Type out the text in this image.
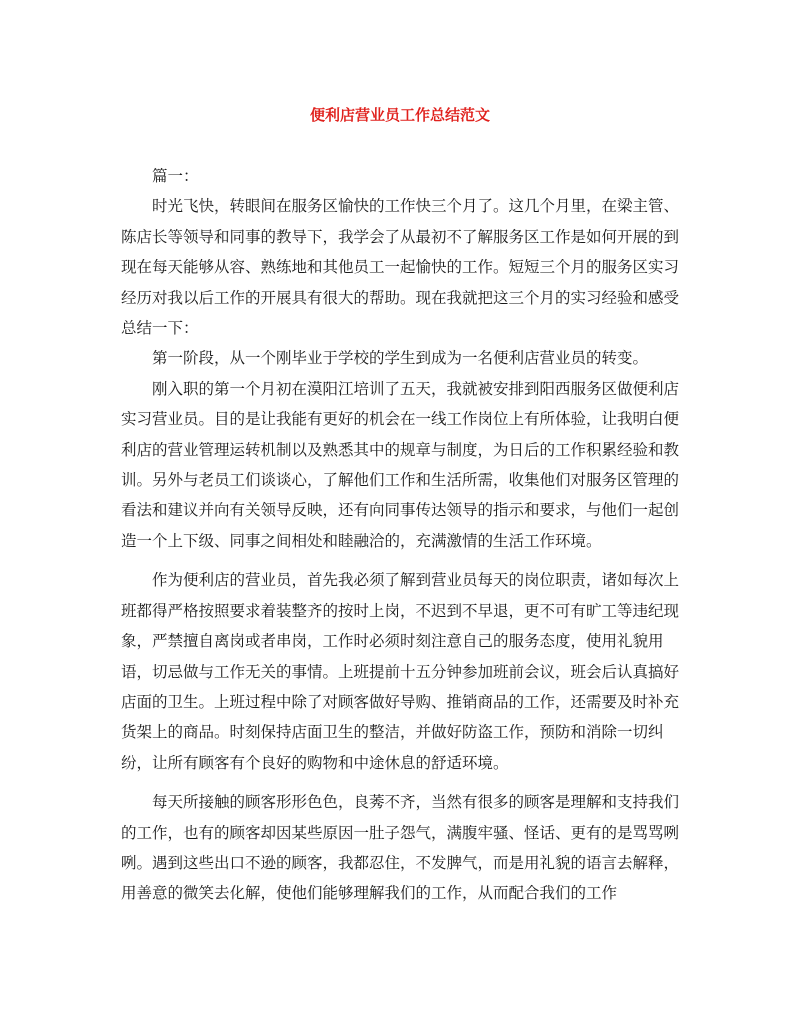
便利店营业员工作总结范文

篇一：

时光飞快，转眼间在服务区愉快的工作快三个月了。这几个月里，在梁主管、陈店长等领导和同事的教导下，我学会了从最初不了解服务区工作是如何开展的到现在每天能够从容、熟练地和其他员工一起愉快的工作。短短三个月的服务区实习经历对我以后工作的开展具有很大的帮助。现在我就把这三个月的实习经验和感受总结一下：

第一阶段，从一个刚毕业于学校的学生到成为一名便利店营业员的转变。

刚入职的第一个月初在漠阳江培训了五天，我就被安排到阳西服务区做便利店实习营业员。目的是让我能有更好的机会在一线工作岗位上有所体验，让我明白便利店的营业管理运转机制以及熟悉其中的规章与制度，为日后的工作积累经验和教训。另外与老员工们谈谈心，了解他们工作和生活所需，收集他们对服务区管理的看法和建议并向有关领导反映，还有向同事传达领导的指示和要求，与他们一起创造一个上下级、同事之间相处和睦融洽的，充满激情的生活工作环境。

作为便利店的营业员，首先我必须了解到营业员每天的岗位职责，诸如每次上班都得严格按照要求着装整齐的按时上岗，不迟到不早退，更不可有旷工等违纪现象，严禁擅自离岗或者串岗，工作时必须时刻注意自己的服务态度，使用礼貌用语，切忌做与工作无关的事情。上班提前十五分钟参加班前会议，班会后认真搞好店面的卫生。上班过程中除了对顾客做好导购、推销商品的工作，还需要及时补充货架上的商品。时刻保持店面卫生的整洁，并做好防盗工作，预防和消除一切纠纷，让所有顾客有个良好的购物和中途休息的舒适环境。

每天所接触的顾客形形色色，良莠不齐，当然有很多的顾客是理解和支持我们的工作，也有的顾客却因某些原因一肚子怨气，满腹牢骚、怪话、更有的是骂骂咧咧。遇到这些出口不逊的顾客，我都忍住，不发脾气，而是用礼貌的语言去解释，用善意的微笑去化解，使他们能够理解我们的工作，从而配合我们的工作
